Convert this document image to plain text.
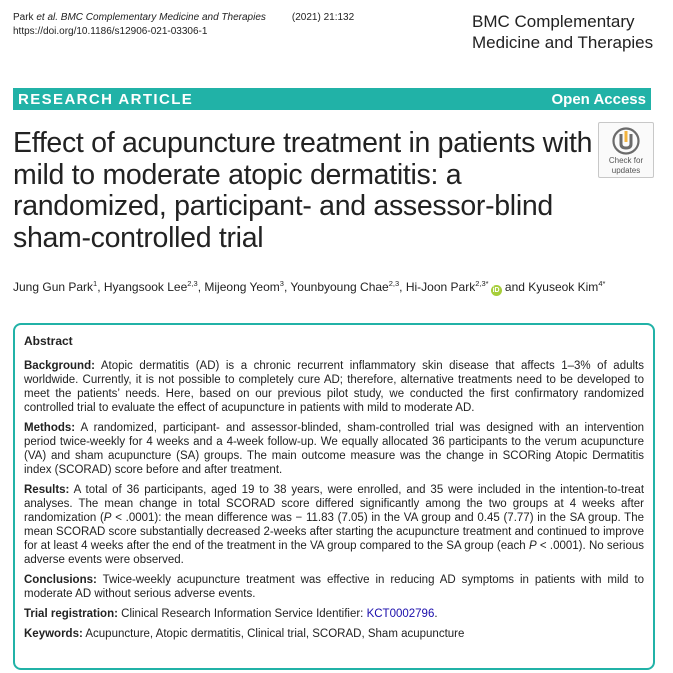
Park et al. BMC Complementary Medicine and Therapies	(2021) 21:132
https://doi.org/10.1186/s12906-021-03306-1
BMC Complementary
Medicine and Therapies
RESEARCH ARTICLE	Open Access
Effect of acupuncture treatment in patients with mild to moderate atopic dermatitis: a randomized, participant- and assessor-blind sham-controlled trial
Check for
updates
Jung Gun Park$^1$, Hyangsook Lee$^{2,3}$, Mijeong Yeom$^3$, Younbyoung Chae$^{2,3}$, Hi-Joon Park$^{2,3*}$iD and Kyuseok Kim$^{4*}$
Abstract

Background: Atopic dermatitis (AD) is a chronic recurrent inflammatory skin disease that affects 1–3% of adults worldwide. Currently, it is not possible to completely cure AD; therefore, alternative treatments need to be developed to meet the patients’ needs. Here, based on our previous pilot study, we conducted the first confirmatory randomized controlled trial to evaluate the effect of acupuncture in patients with mild to moderate AD.

Methods: A randomized, participant- and assessor-blinded, sham-controlled trial was designed with an intervention period twice-weekly for 4 weeks and a 4-week follow-up. We equally allocated 36 participants to the verum acupuncture (VA) and sham acupuncture (SA) groups. The main outcome measure was the change in SCORing Atopic Dermatitis index (SCORAD) score before and after treatment.

Results: A total of 36 participants, aged 19 to 38 years, were enrolled, and 35 were included in the intention-to-treat analyses. The mean change in total SCORAD score differed significantly among the two groups at 4 weeks after randomization (P < .0001): the mean difference was − 11.83 (7.05) in the VA group and 0.45 (7.77) in the SA group. The mean SCORAD score substantially decreased 2-weeks after starting the acupuncture treatment and continued to improve for at least 4 weeks after the end of the treatment in the VA group compared to the SA group (each P < .0001). No serious adverse events were observed.

Conclusions: Twice-weekly acupuncture treatment was effective in reducing AD symptoms in patients with mild to moderate AD without serious adverse events.

Trial registration: Clinical Research Information Service Identifier: KCT0002796.

Keywords: Acupuncture, Atopic dermatitis, Clinical trial, SCORAD, Sham acupuncture
